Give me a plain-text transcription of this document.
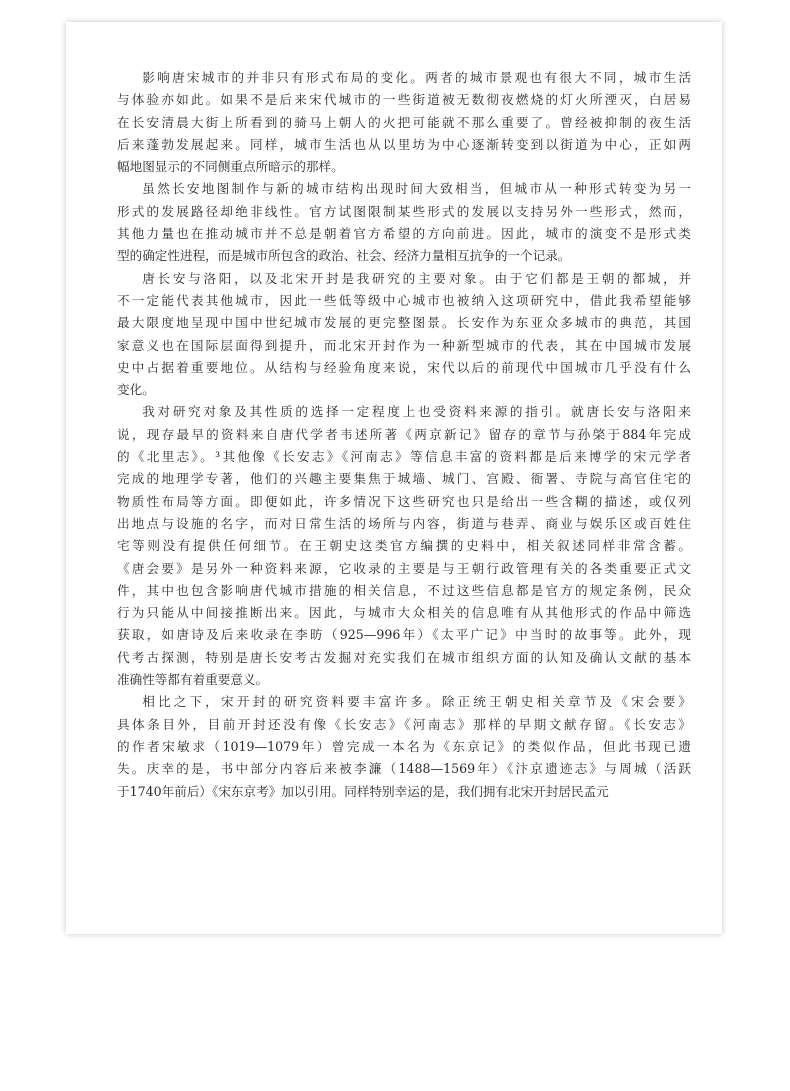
影响唐宋城市的并非只有形式布局的变化。两者的城市景观也有很大不同，城市生活
与体验亦如此。如果不是后来宋代城市的一些街道被无数彻夜燃烧的灯火所湮灭，白居易
在长安清晨大街上所看到的骑马上朝人的火把可能就不那么重要了。曾经被抑制的夜生活
后来蓬勃发展起来。同样，城市生活也从以里坊为中心逐渐转变到以街道为中心，正如两
幅地图显示的不同侧重点所暗示的那样。
虽然长安地图制作与新的城市结构出现时间大致相当，但城市从一种形式转变为另一
形式的发展路径却绝非线性。官方试图限制某些形式的发展以支持另外一些形式，然而，
其他力量也在推动城市并不总是朝着官方希望的方向前进。因此，城市的演变不是形式类
型的确定性进程，而是城市所包含的政治、社会、经济力量相互抗争的一个记录。
唐长安与洛阳，以及北宋开封是我研究的主要对象。由于它们都是王朝的都城，并
不一定能代表其他城市，因此一些低等级中心城市也被纳入这项研究中，借此我希望能够
最大限度地呈现中国中世纪城市发展的更完整图景。长安作为东亚众多城市的典范，其国
家意义也在国际层面得到提升，而北宋开封作为一种新型城市的代表，其在中国城市发展
史中占据着重要地位。从结构与经验角度来说，宋代以后的前现代中国城市几乎没有什么
变化。
我对研究对象及其性质的选择一定程度上也受资料来源的指引。就唐长安与洛阳来
说，现存最早的资料来自唐代学者韦述所著《两京新记》留存的章节与孙棨于884年完成
的《北里志》。³其他像《长安志》《河南志》等信息丰富的资料都是后来博学的宋元学者
完成的地理学专著，他们的兴趣主要集焦于城墙、城门、宫殿、衙署、寺院与高官住宅的
物质性布局等方面。即便如此，许多情况下这些研究也只是给出一些含糊的描述，或仅列
出地点与设施的名字，而对日常生活的场所与内容，街道与巷弄、商业与娱乐区或百姓住
宅等则没有提供任何细节。在王朝史这类官方编撰的史料中，相关叙述同样非常含蓄。
《唐会要》是另外一种资料来源，它收录的主要是与王朝行政管理有关的各类重要正式文
件，其中也包含影响唐代城市措施的相关信息，不过这些信息都是官方的规定条例，民众
行为只能从中间接推断出来。因此，与城市大众相关的信息唯有从其他形式的作品中筛选
获取，如唐诗及后来收录在李昉（925—996年）《太平广记》中当时的故事等。此外，现
代考古探测，特别是唐长安考古发掘对充实我们在城市组织方面的认知及确认文献的基本
准确性等都有着重要意义。
相比之下，宋开封的研究资料要丰富许多。除正统王朝史相关章节及《宋会要》
具体条目外，目前开封还没有像《长安志》《河南志》那样的早期文献存留。《长安志》
的作者宋敏求（1019—1079年）曾完成一本名为《东京记》的类似作品，但此书现已遗
失。庆幸的是，书中部分内容后来被李濂（1488—1569年）《汴京遗迹志》与周城（活跃
于1740年前后）《宋东京考》加以引用。同样特别幸运的是，我们拥有北宋开封居民孟元
